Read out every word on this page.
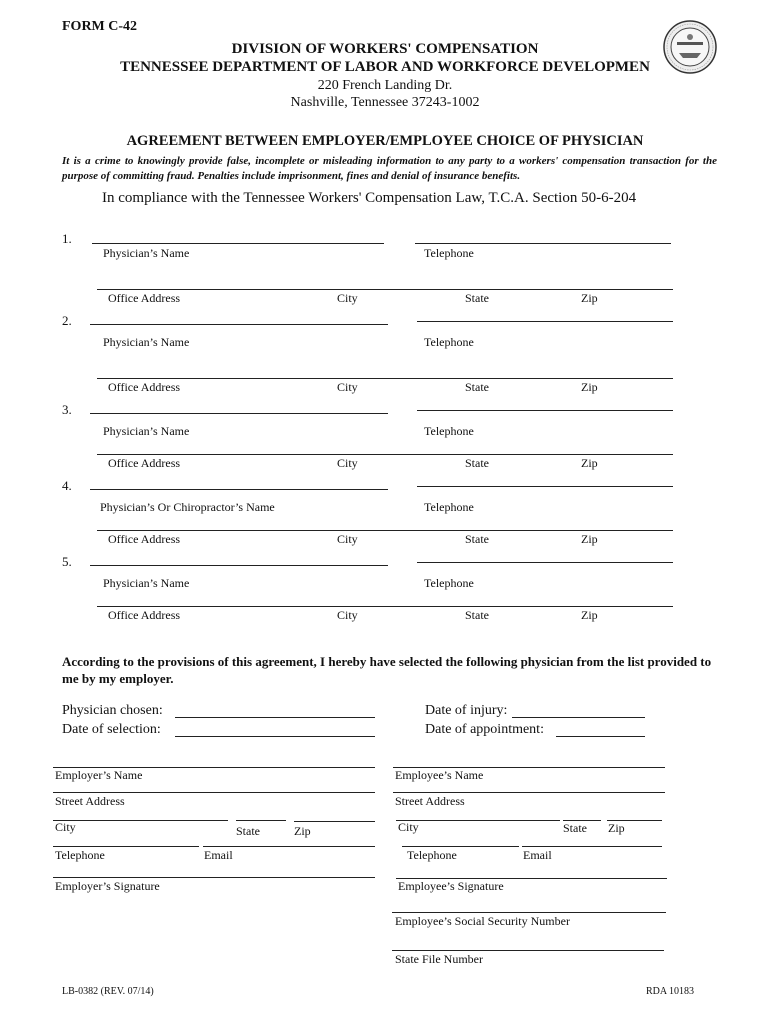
FORM C-42
DIVISION OF WORKERS' COMPENSATION
TENNESSEE DEPARTMENT OF LABOR AND WORKFORCE DEVELOPMEN
220 French Landing Dr.
Nashville, Tennessee 37243-1002
AGREEMENT BETWEEN EMPLOYER/EMPLOYEE CHOICE OF PHYSICIAN
It is a crime to knowingly provide false, incomplete or misleading information to any party to a workers' compensation transaction for the purpose of committing fraud. Penalties include imprisonment, fines and denial of insurance benefits.
In compliance with the Tennessee Workers' Compensation Law, T.C.A. Section 50-6-204
1.
Physician’s Name	Telephone
Office Address	City	State	Zip
2.
Physician’s Name	Telephone
Office Address	City	State	Zip
3.
Physician’s Name	Telephone
Office Address	City	State	Zip
4.
Physician’s Or Chiropractor’s Name	Telephone
Office Address	City	State	Zip
5.
Physician’s Name	Telephone
Office Address	City	State	Zip
According to the provisions of this agreement, I hereby have selected the following physician from the list provided to me by my employer.
Physician chosen:
Date of selection:
Date of injury:
Date of appointment:
Employer’s Name
Street Address
City	State	Zip
Telephone	Email
Employer’s Signature
Employee’s Name
Street Address
City	State Zip
Telephone	Email
Employee’s Signature
Employee’s Social Security Number
State File Number
LB-0382 (REV. 07/14)	RDA 10183
